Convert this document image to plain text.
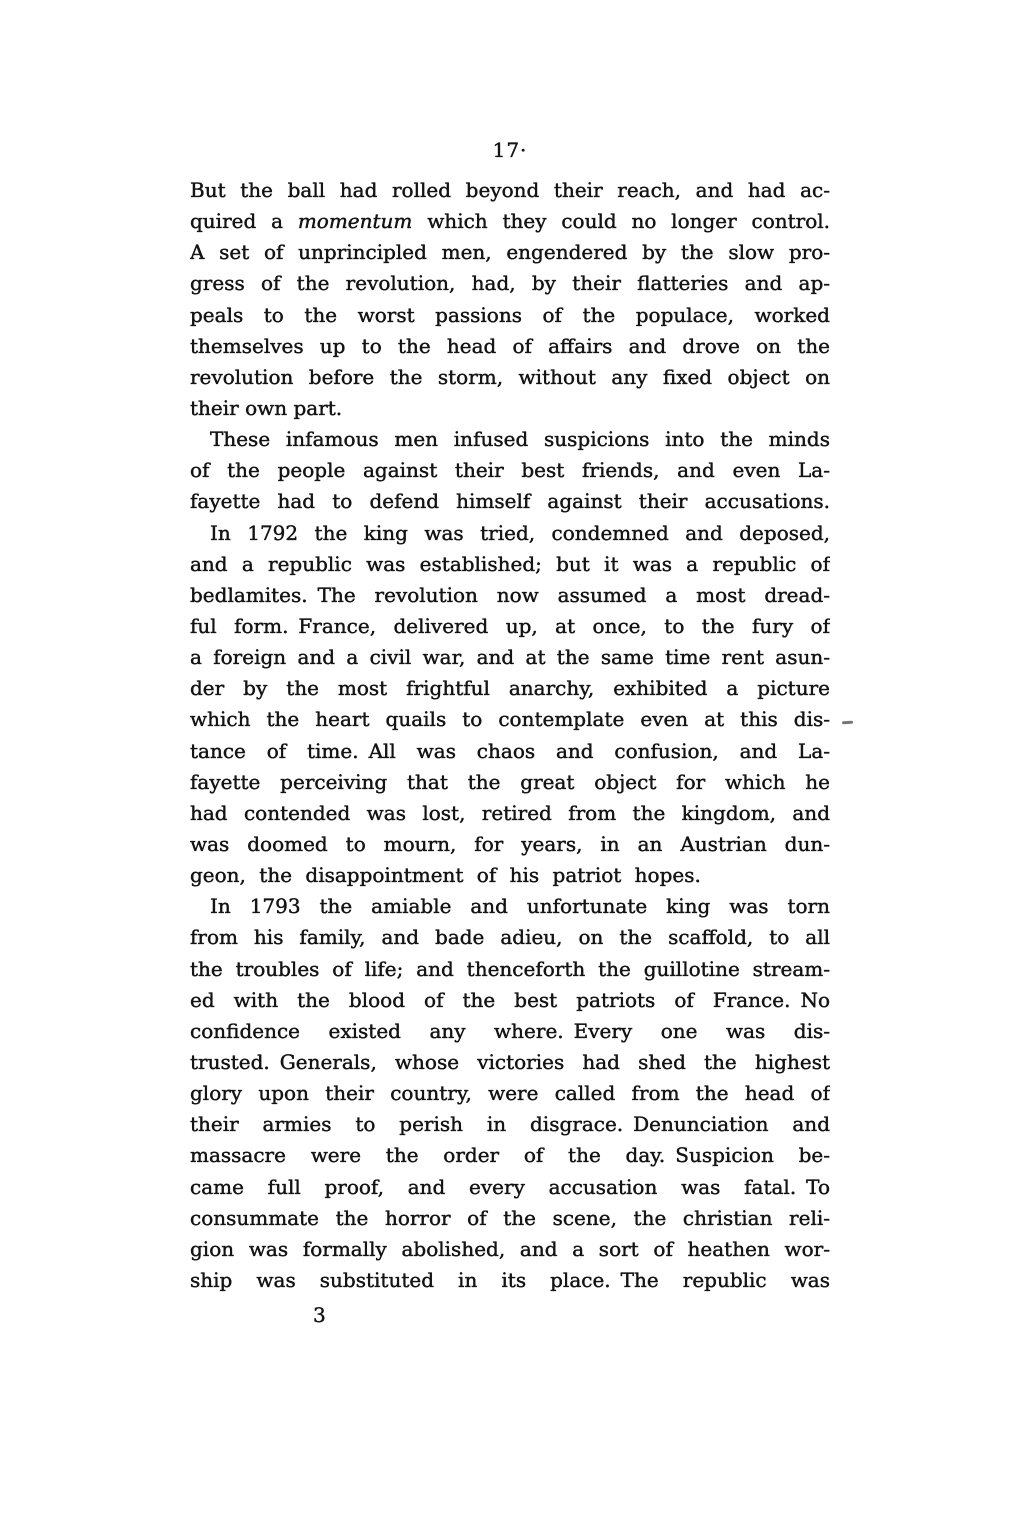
17·
But the ball had rolled beyond their reach, and had ac-
quired a momentum which they could no longer control.
A set of unprincipled men, engendered by the slow pro-
gress of the revolution, had, by their flatteries and ap-
peals to the worst passions of the populace, worked
themselves up to the head of affairs and drove on the
revolution before the storm, without any fixed object on
their own part.
These infamous men infused suspicions into the minds
of the people against their best friends, and even La-
fayette had to defend himself against their accusations.
In 1792 the king was tried, condemned and deposed,
and a republic was established; but it was a republic of
bedlamites. The revolution now assumed a most dread-
ful form. France, delivered up, at once, to the fury of
a foreign and a civil war, and at the same time rent asun-
der by the most frightful anarchy, exhibited a picture
which the heart quails to contemplate even at this dis-
tance of time. All was chaos and confusion, and La-
fayette perceiving that the great object for which he
had contended was lost, retired from the kingdom, and
was doomed to mourn, for years, in an Austrian dun-
geon, the disappointment of his patriot hopes.
In 1793 the amiable and unfortunate king was torn
from his family, and bade adieu, on the scaffold, to all
the troubles of life; and thenceforth the guillotine stream-
ed with the blood of the best patriots of France. No
confidence existed any where. Every one was dis-
trusted. Generals, whose victories had shed the highest
glory upon their country, were called from the head of
their armies to perish in disgrace. Denunciation and
massacre were the order of the day. Suspicion be-
came full proof, and every accusation was fatal. To
consummate the horror of the scene, the christian reli-
gion was formally abolished, and a sort of heathen wor-
ship was substituted in its place. The republic was
3
